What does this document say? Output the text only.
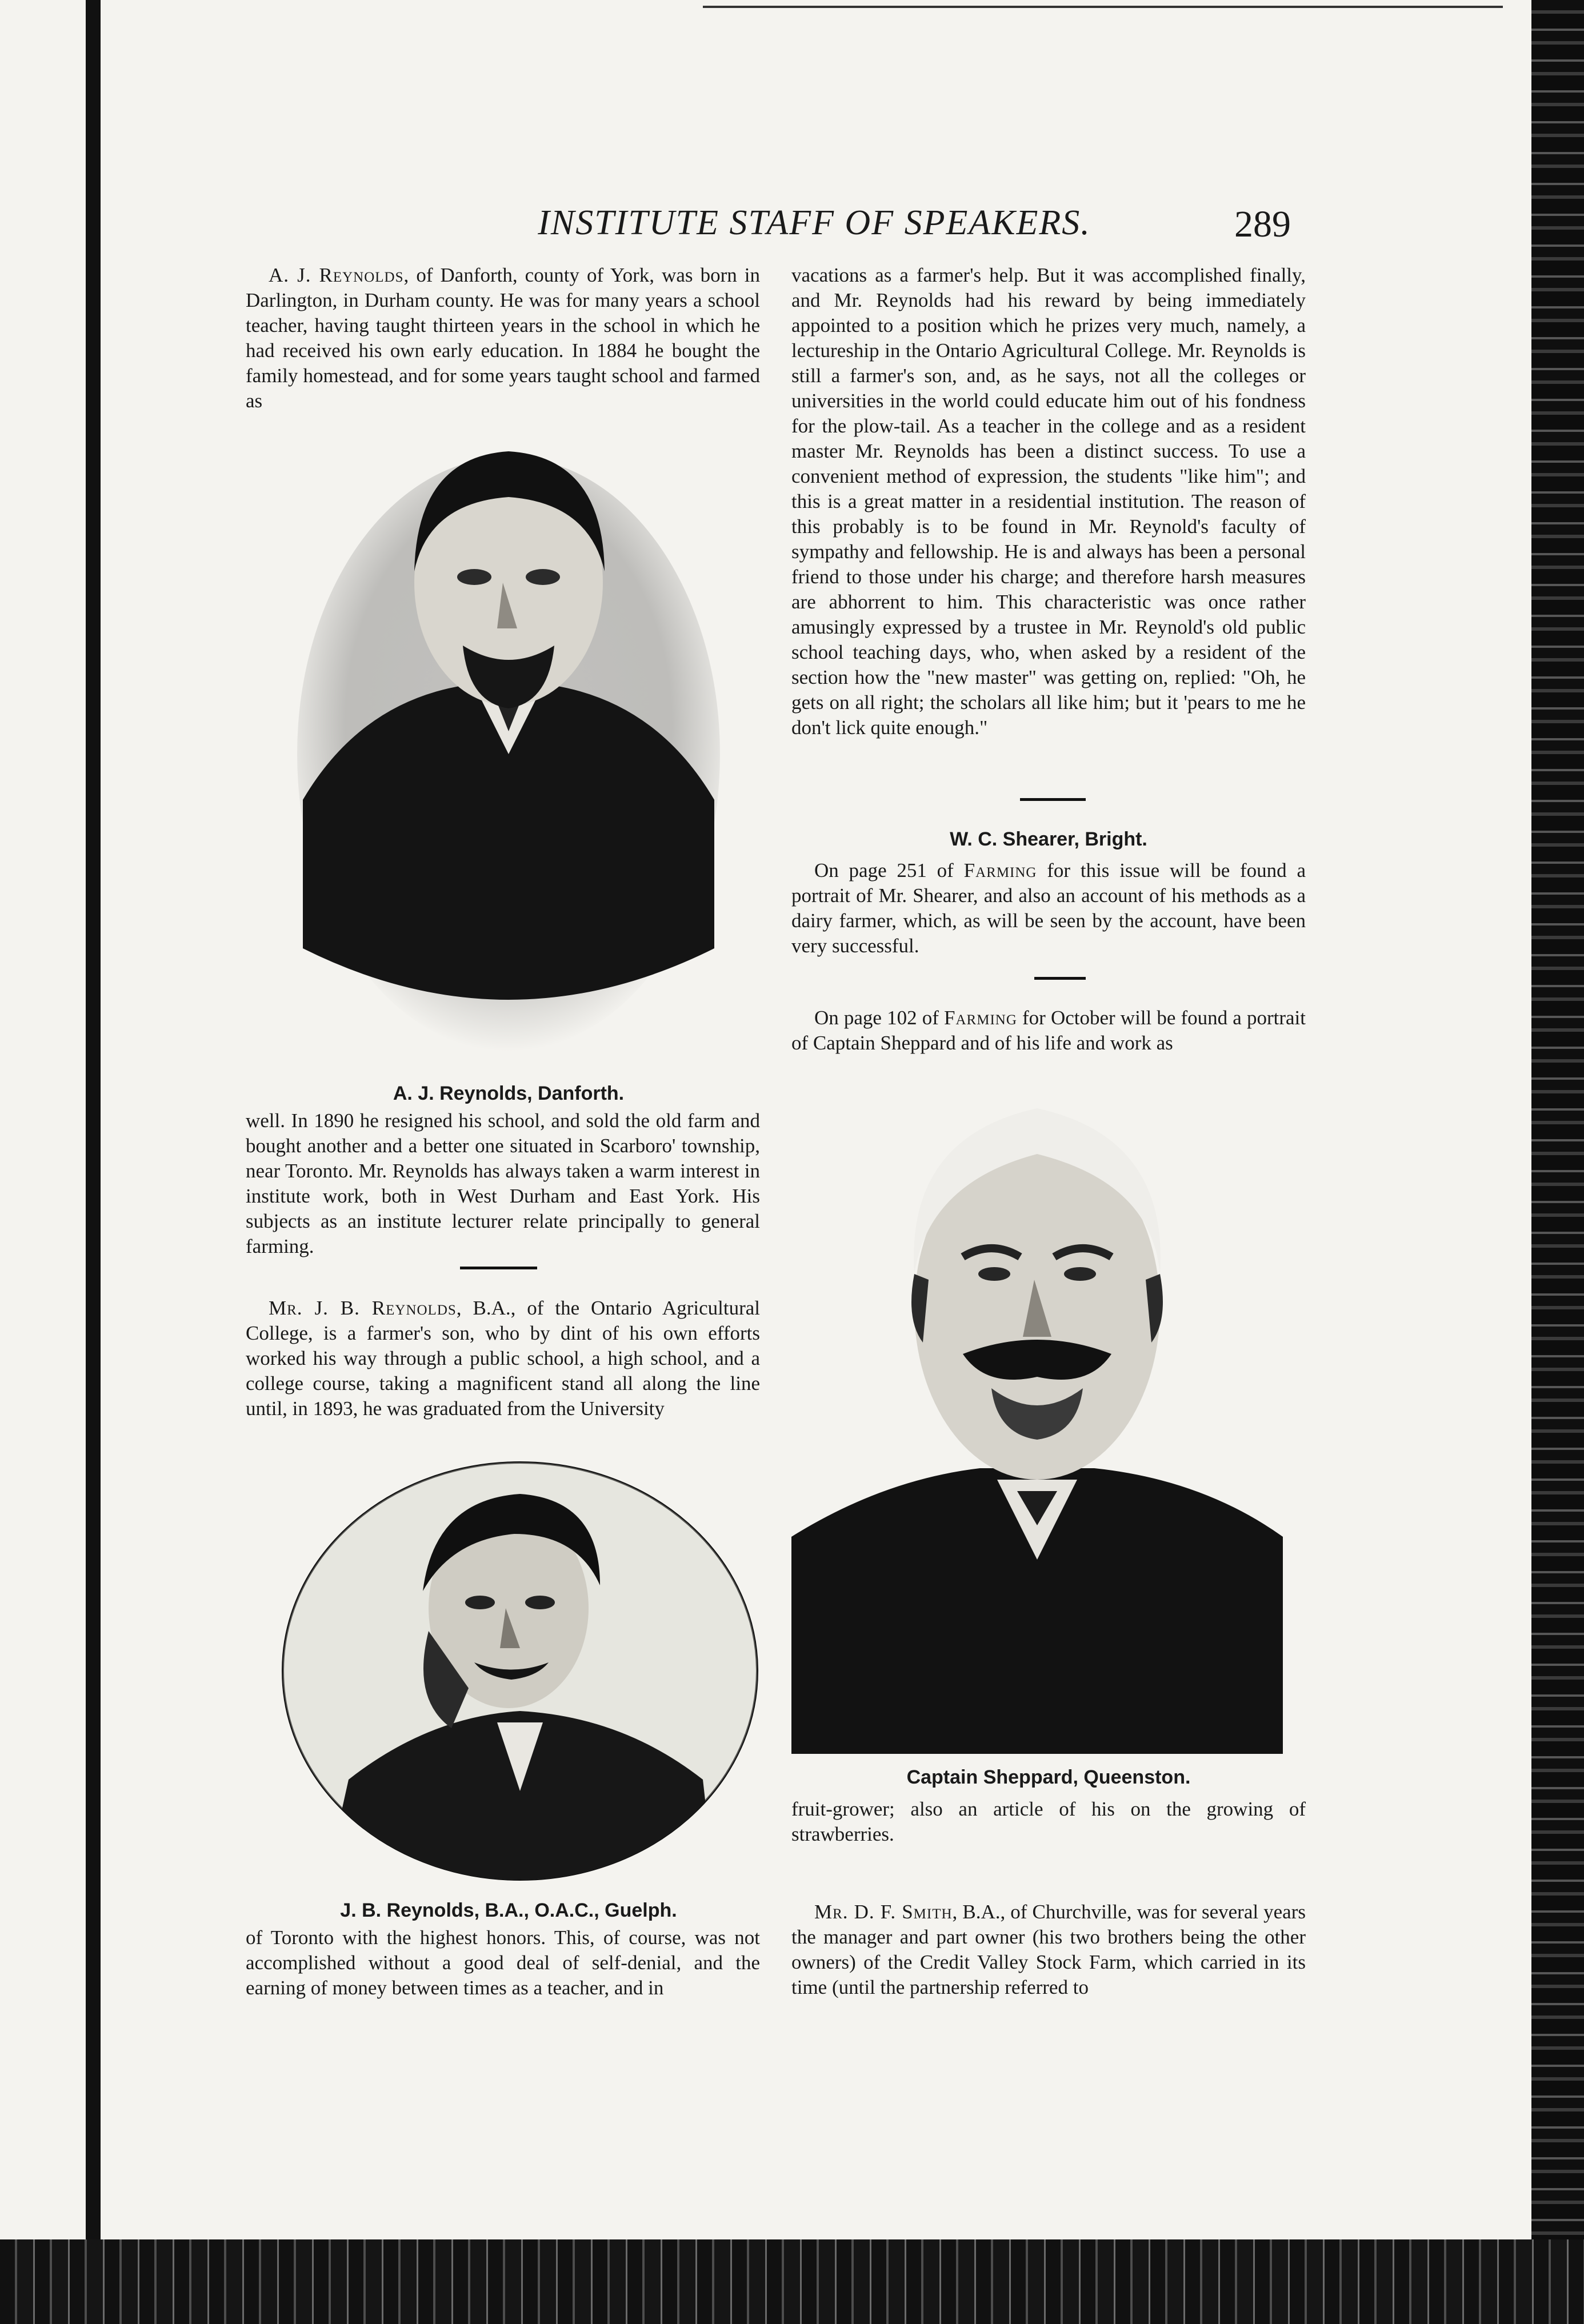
INSTITUTE STAFF OF SPEAKERS.	289

A. J. Reynolds, of Danforth, county of York, was born in Darlington, in Durham county. He was for many years a school teacher, having taught thirteen years in the school in which he had received his own early education. In 1884 he bought the family homestead, and for some years taught school and farmed as

A. J. Reynolds, Danforth.

well. In 1890 he resigned his school, and sold the old farm and bought another and a better one situated in Scarboro' township, near Toronto. Mr. Reynolds has always taken a warm interest in institute work, both in West Durham and East York. His subjects as an institute lecturer relate principally to general farming.

Mr. J. B. Reynolds, B.A., of the Ontario Agricultural College, is a farmer's son, who by dint of his own efforts worked his way through a public school, a high school, and a college course, taking a magnificent stand all along the line until, in 1893, he was graduated from the University

J. B. Reynolds, B.A., O.A.C., Guelph.

of Toronto with the highest honors. This, of course, was not accomplished without a good deal of self-denial, and the earning of money between times as a teacher, and in

vacations as a farmer's help. But it was accomplished finally, and Mr. Reynolds had his reward by being immediately appointed to a position which he prizes very much, namely, a lectureship in the Ontario Agricultural College. Mr. Reynolds is still a farmer's son, and, as he says, not all the colleges or universities in the world could educate him out of his fondness for the plow-tail. As a teacher in the college and as a resident master Mr. Reynolds has been a distinct success. To use a convenient method of expression, the students "like him"; and this is a great matter in a residential institution. The reason of this probably is to be found in Mr. Reynold's faculty of sympathy and fellowship. He is and always has been a personal friend to those under his charge; and therefore harsh measures are abhorrent to him. This characteristic was once rather amusingly expressed by a trustee in Mr. Reynold's old public school teaching days, who, when asked by a resident of the section how the "new master" was getting on, replied: "Oh, he gets on all right; the scholars all like him; but it 'pears to me he don't lick quite enough."

W. C. Shearer, Bright.

On page 251 of Farming for this issue will be found a portrait of Mr. Shearer, and also an account of his methods as a dairy farmer, which, as will be seen by the account, have been very successful.

On page 102 of Farming for October will be found a portrait of Captain Sheppard and of his life and work as

Captain Sheppard, Queenston.

fruit-grower; also an article of his on the growing of strawberries.

Mr. D. F. Smith, B.A., of Churchville, was for several years the manager and part owner (his two brothers being the other owners) of the Credit Valley Stock Farm, which carried in its time (until the partnership referred to
